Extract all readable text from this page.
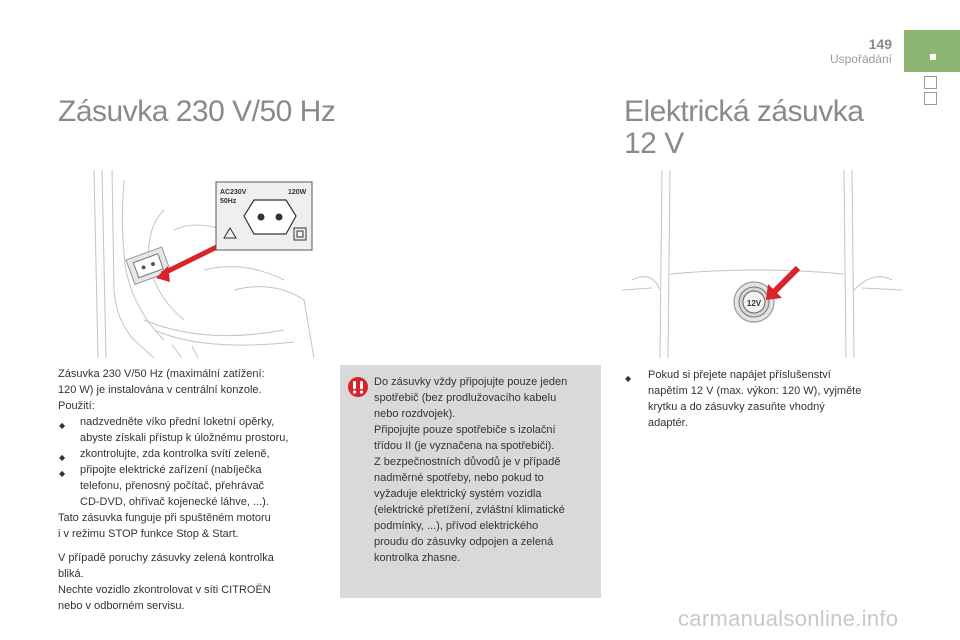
149
Uspořádání
Zásuvka 230 V/50 Hz	Elektrická zásuvka
12 V
AC230V
50Hz
120W
12V
Zásuvka 230 V/50 Hz (maximální zatížení:
120 W) je instalována v centrální konzole.
Použití:
◆ nadzvedněte víko přední loketní opěrky,
abyste získali přístup k úložnému prostoru,
◆ zkontrolujte, zda kontrolka svítí zeleně,
◆ připojte elektrické zařízení (nabíječka
telefonu, přenosný počítač, přehrávač
CD-DVD, ohřívač kojenecké láhve, ...).
Tato zásuvka funguje při spuštěném motoru
i v režimu STOP funkce Stop & Start.
V případě poruchy zásuvky zelená kontrolka
bliká.
Nechte vozidlo zkontrolovat v síti CITROËN
nebo v odborném servisu.
Do zásuvky vždy připojujte pouze jeden
spotřebič (bez prodlužovacího kabelu
nebo rozdvojek).
Připojujte pouze spotřebiče s izolační
třídou II (je vyznačena na spotřebiči).
Z bezpečnostních důvodů je v případě
nadměrné spotřeby, nebo pokud to
vyžaduje elektrický systém vozidla
(elektrické přetížení, zvláštní klimatické
podmínky, ...), přívod elektrického
proudu do zásuvky odpojen a zelená
kontrolka zhasne.
◆ Pokud si přejete napájet příslušenství
napětím 12 V (max. výkon: 120 W), vyjměte
krytku a do zásuvky zasuňte vhodný
adaptér.
carmanualsonline.info
